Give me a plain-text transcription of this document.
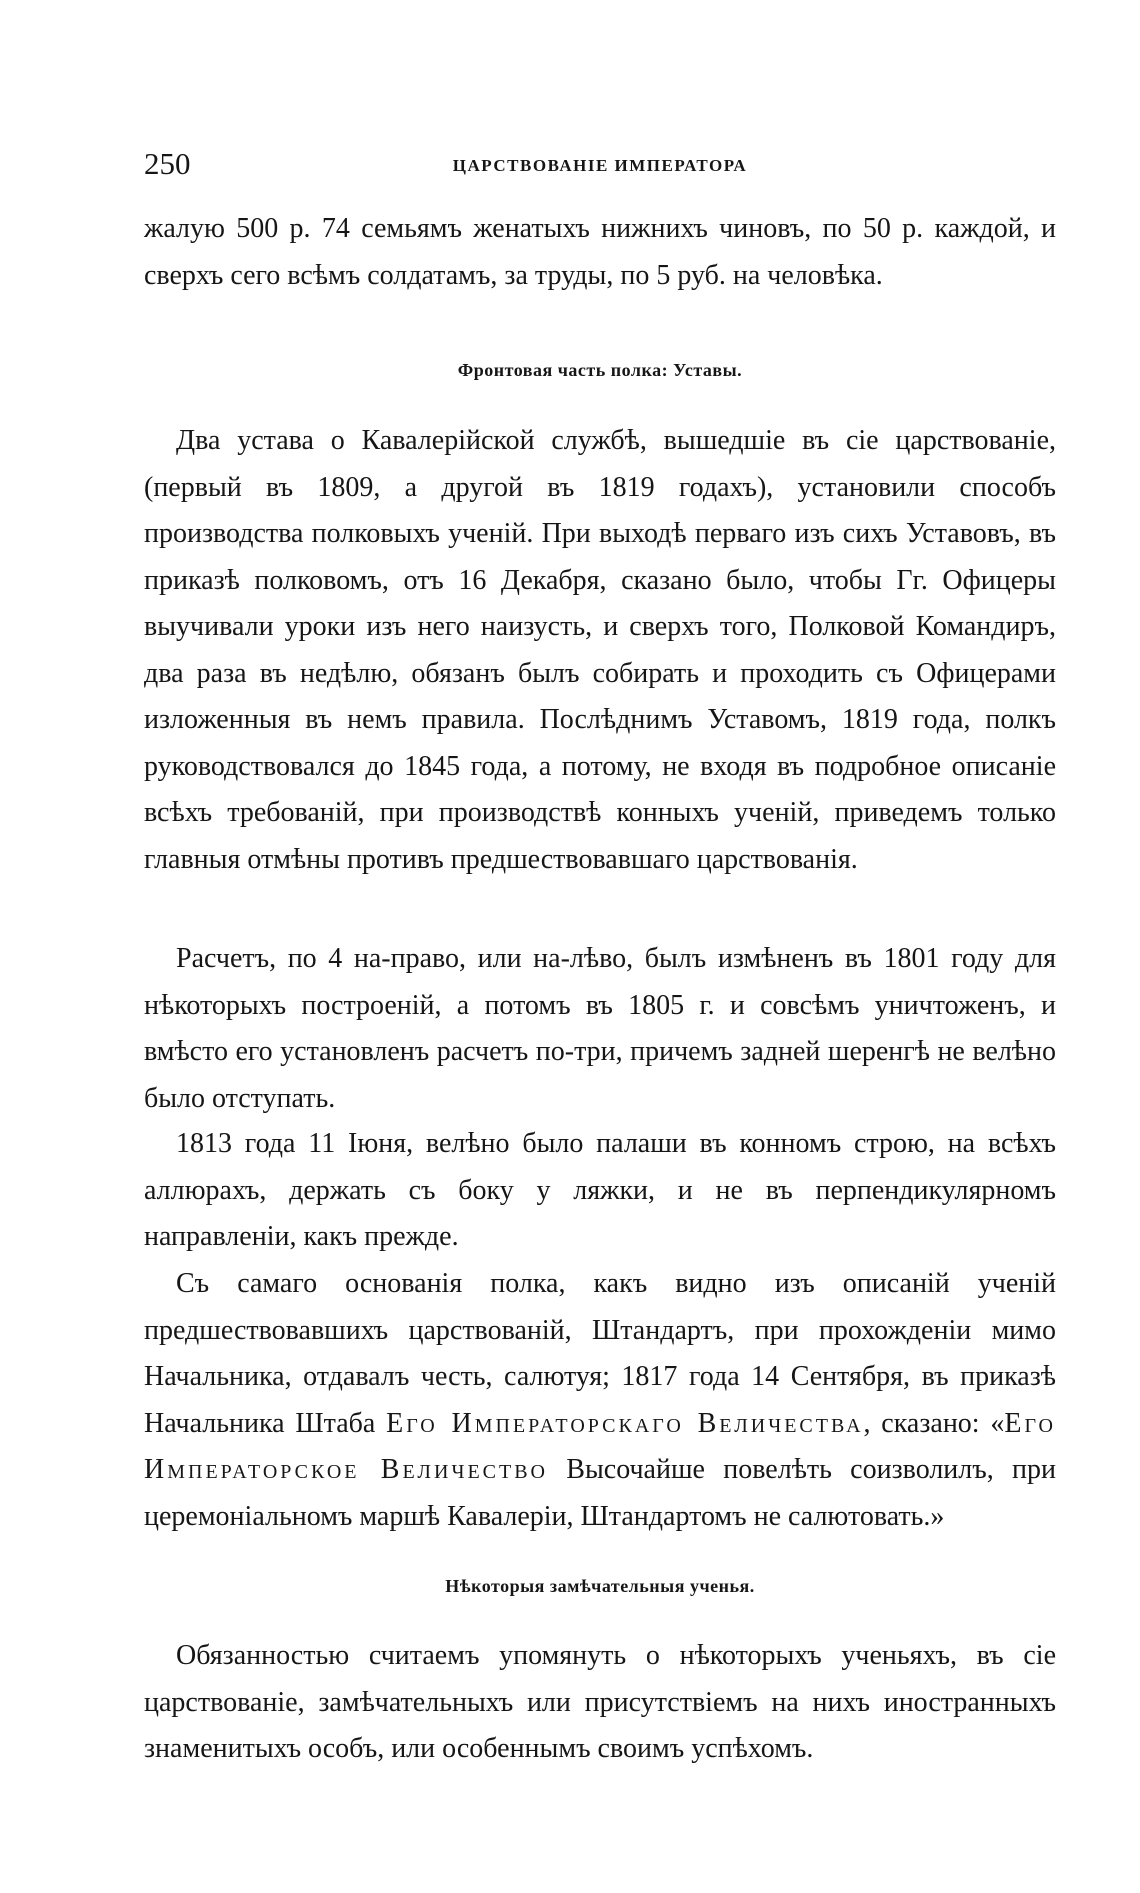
250	ЦАРСТВОВАНІЕ ИМПЕРАТОРА

жалую 500 р. 74 семьямъ женатыхъ нижнихъ чиновъ, по 50 р. каждой, и сверхъ сего всѣмъ солдатамъ, за труды, по 5 руб. на человѣка.

Фронтовая часть полка: Уставы.

Два устава о Кавалерійской службѣ, вышедшіе въ сіе царствованіе, (первый въ 1809, а другой въ 1819 годахъ), установили способъ производства полковыхъ ученій. При выходѣ перваго изъ сихъ Уставовъ, въ приказѣ полковомъ, отъ 16 Декабря, сказано было, чтобы Гг. Офицеры выучивали уроки изъ него наизусть, и сверхъ того, Полковой Командиръ, два раза въ недѣлю, обязанъ былъ собирать и проходить съ Офицерами изложенныя въ немъ правила. Послѣднимъ Уставомъ, 1819 года, полкъ руководствовался до 1845 года, а потому, не входя въ подробное описаніе всѣхъ требованій, при производствѣ конныхъ ученій, приведемъ только главныя отмѣны противъ предшествовавшаго царствованія.

Расчетъ, по 4 на-право, или на-лѣво, былъ измѣненъ въ 1801 году для нѣкоторыхъ построеній, а потомъ въ 1805 г. и совсѣмъ уничтоженъ, и вмѣсто его установленъ расчетъ по-три, причемъ задней шеренгѣ не велѣно было отступать.

1813 года 11 Іюня, велѣно было палаши въ конномъ строю, на всѣхъ аллюрахъ, держать съ боку у ляжки, и не въ перпендикулярномъ направленіи, какъ прежде.

Съ самаго основанія полка, какъ видно изъ описаній ученій предшествовавшихъ царствованій, Штандартъ, при прохожденіи мимо Начальника, отдавалъ честь, салютуя; 1817 года 14 Сентября, въ приказѣ Начальника Штаба Его Императорскаго Величества, сказано: «Его Императорское Величество Высочайше повелѣть соизволилъ, при церемоніальномъ маршѣ Кавалеріи, Штандартомъ не салютовать.»

Нѣкоторыя замѣчательныя ученья.

Обязанностью считаемъ упомянуть о нѣкоторыхъ ученьяхъ, въ сіе царствованіе, замѣчательныхъ или присутствіемъ на нихъ иностранныхъ знаменитыхъ особъ, или особеннымъ своимъ успѣхомъ.
